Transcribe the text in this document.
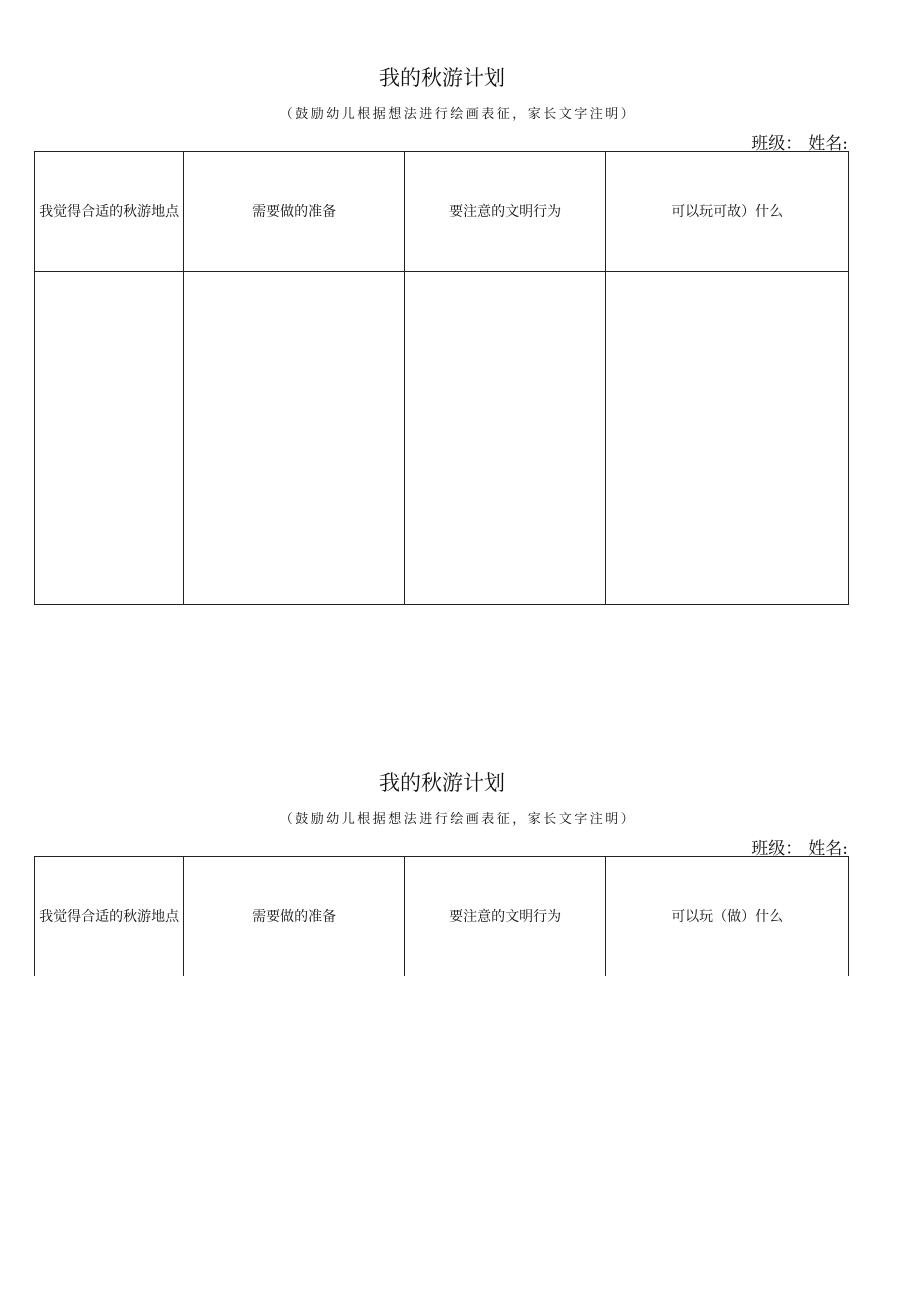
我的秋游计划
（鼓励幼儿根据想法进行绘画表征，家长文字注明）
班级： 姓名:
我觉得合适的秋游地点	需要做的准备	要注意的文明行为	可以玩可故）什么

我的秋游计划
（鼓励幼儿根据想法进行绘画表征，家长文字注明）
班级： 姓名:
我觉得合适的秋游地点	需要做的准备	要注意的文明行为	可以玩（做）什么
